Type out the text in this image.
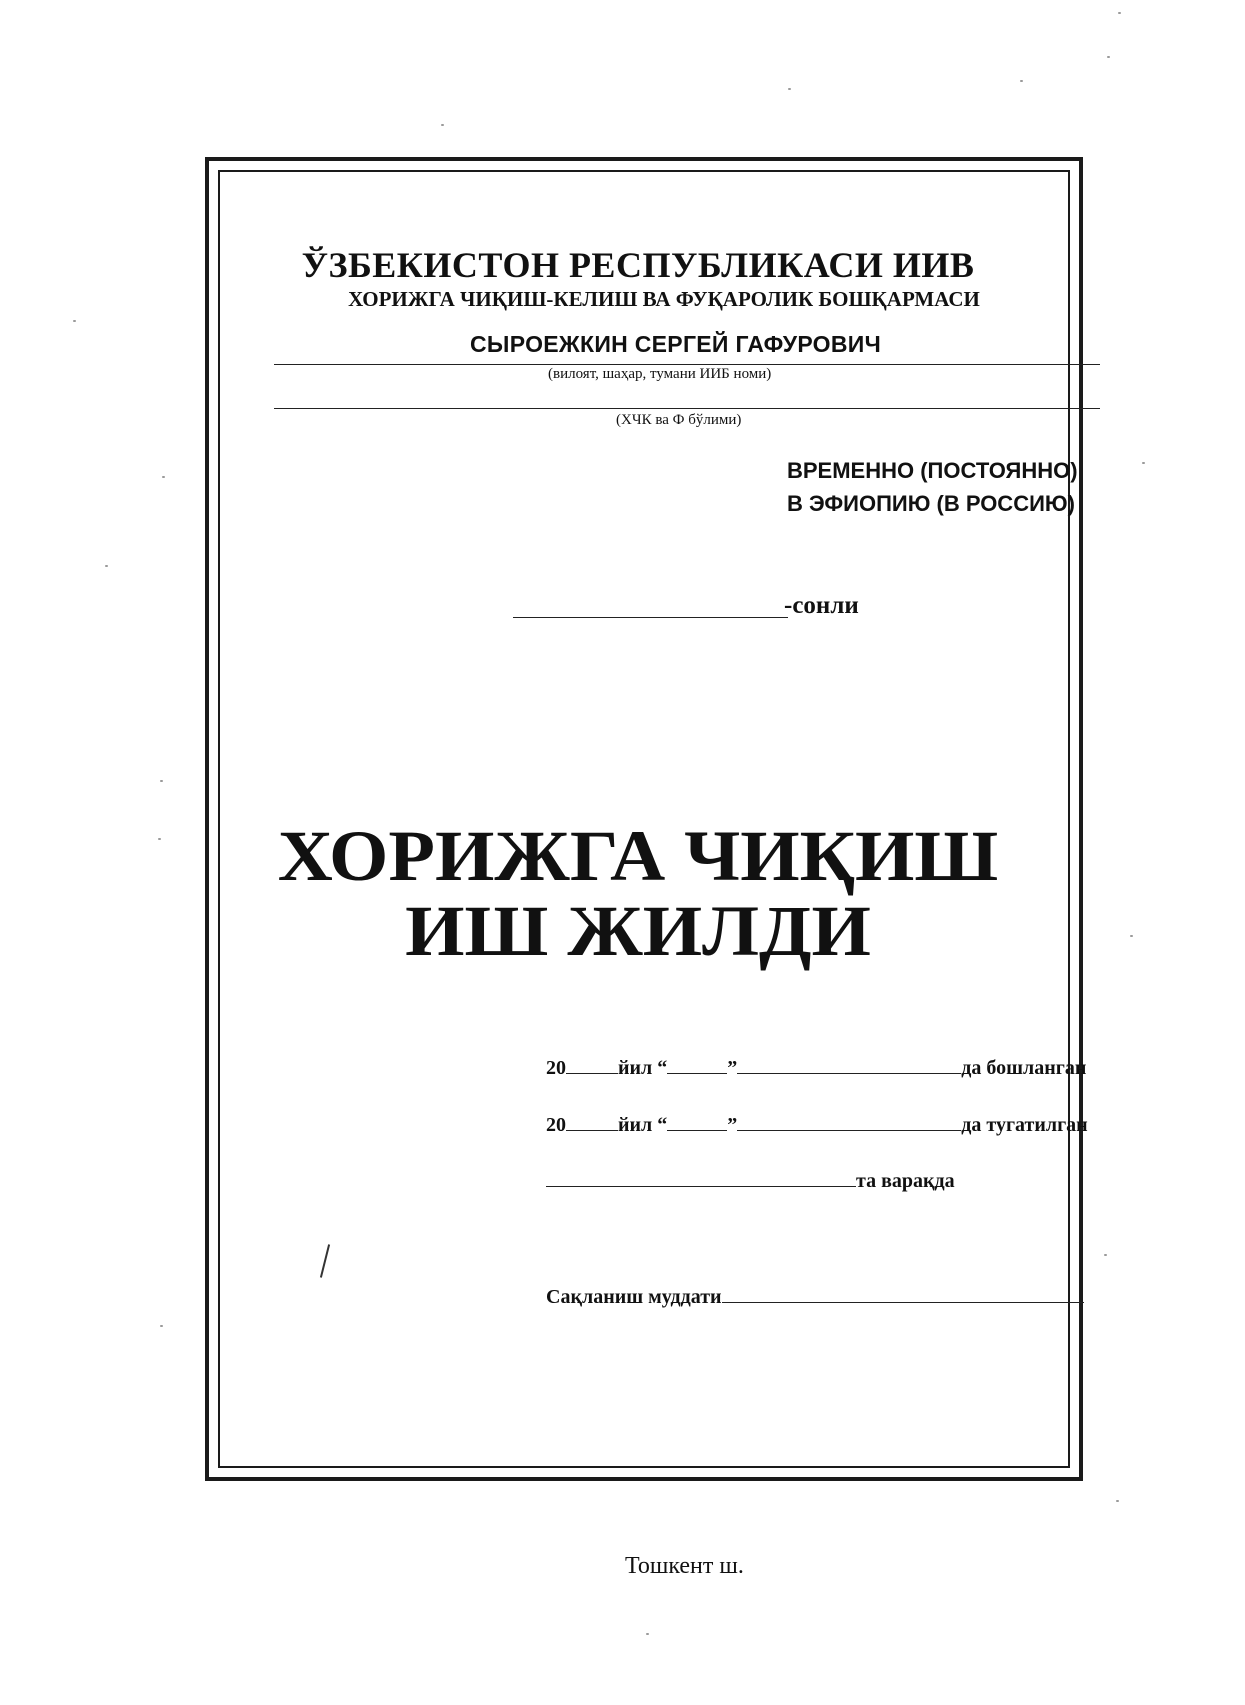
ЎЗБЕКИСТОН РЕСПУБЛИКАСИ ИИВ
ХОРИЖГА ЧИҚИШ-КЕЛИШ ВА ФУҚАРОЛИК БОШҚАРМАСИ
СЫРОЕЖКИН СЕРГЕЙ ГАФУРОВИЧ
(вилоят, шаҳар, тумани ИИБ номи)
(ХЧК ва Ф бўлими)
ВРЕМЕННО (ПОСТОЯННО)
В ЭФИОПИЮ (В РОССИЮ)
-сонли
ХОРИЖГА ЧИҚИШ
ИШ ЖИЛДИ
20	йил “	”	да бошланган
20	йил “	”	да тугатилган
та варақда
Сақланиш муддати
Тошкент ш.
